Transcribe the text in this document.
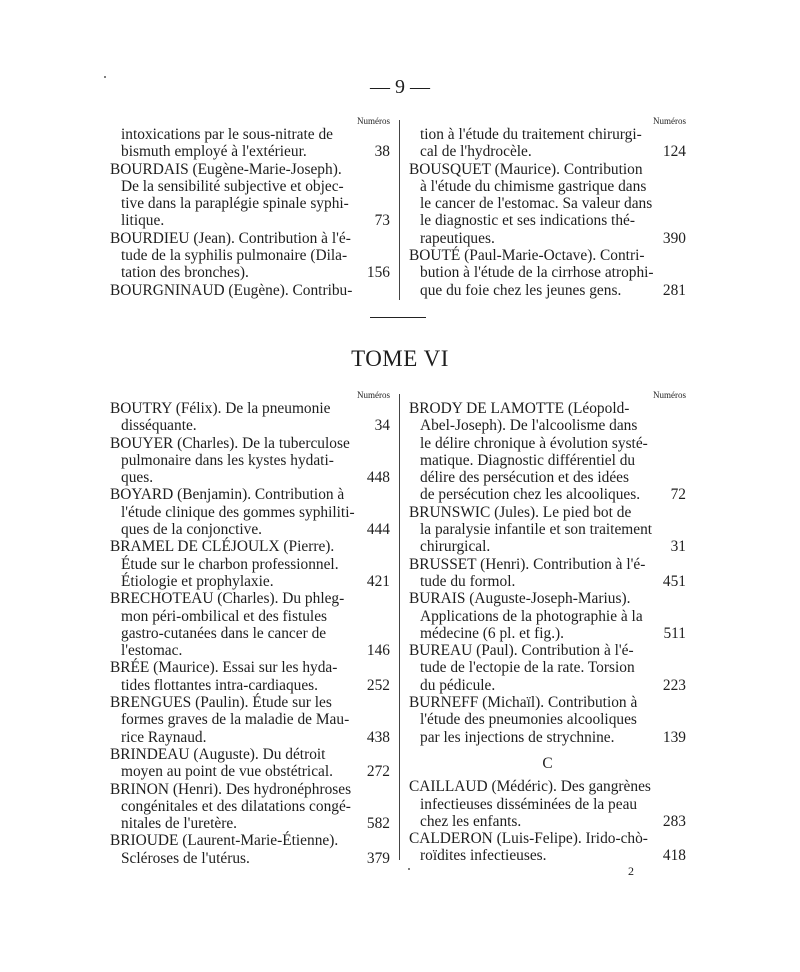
— 9 —
Numéros
intoxications par le sous-nitrate de
bismuth employé à l'extérieur.	38
BOURDAIS (Eugène-Marie-Joseph).
De la sensibilité subjective et objec-
tive dans la paraplégie spinale syphi-
litique.	73
BOURDIEU (Jean). Contribution à l'é-
tude de la syphilis pulmonaire (Dila-
tation des bronches).	156
BOURGNINAUD (Eugène). Contribu-
Numéros
tion à l'étude du traitement chirurgi-
cal de l'hydrocèle.	124
BOUSQUET (Maurice). Contribution
à l'étude du chimisme gastrique dans
le cancer de l'estomac. Sa valeur dans
le diagnostic et ses indications thé-
rapeutiques.	390
BOUTÉ (Paul-Marie-Octave). Contri-
bution à l'étude de la cirrhose atrophi-
que du foie chez les jeunes gens.	281
TOME VI
Numéros
BOUTRY (Félix). De la pneumonie
disséquante.	34
BOUYER (Charles). De la tuberculose
pulmonaire dans les kystes hydati-
ques.	448
BOYARD (Benjamin). Contribution à
l'étude clinique des gommes syphiliti-
ques de la conjonctive.	444
BRAMEL DE CLÉJOULX (Pierre).
Étude sur le charbon professionnel.
Étiologie et prophylaxie.	421
BRECHOTEAU (Charles). Du phleg-
mon péri-ombilical et des fistules
gastro-cutanées dans le cancer de
l'estomac.	146
BRÉE (Maurice). Essai sur les hyda-
tides flottantes intra-cardiaques.	252
BRENGUES (Paulin). Étude sur les
formes graves de la maladie de Mau-
rice Raynaud.	438
BRINDEAU (Auguste). Du détroit
moyen au point de vue obstétrical.	272
BRINON (Henri). Des hydronéphroses
congénitales et des dilatations congé-
nitales de l'uretère.	582
BRIOUDE (Laurent-Marie-Étienne).
Scléroses de l'utérus.	379
Numéros
BRODY DE LAMOTTE (Léopold-
Abel-Joseph). De l'alcoolisme dans
le délire chronique à évolution systé-
matique. Diagnostic différentiel du
délire des persécution et des idées
de persécution chez les alcooliques.	72
BRUNSWIC (Jules). Le pied bot de
la paralysie infantile et son traitement
chirurgical.	31
BRUSSET (Henri). Contribution à l'é-
tude du formol.	451
BURAIS (Auguste-Joseph-Marius).
Applications de la photographie à la
médecine (6 pl. et fig.).	511
BUREAU (Paul). Contribution à l'é-
tude de l'ectopie de la rate. Torsion
du pédicule.	223
BURNEFF (Michaïl). Contribution à
l'étude des pneumonies alcooliques
par les injections de strychnine.	139
C
CAILLAUD (Médéric). Des gangrènes
infectieuses disséminées de la peau
chez les enfants.	283
CALDERON (Luis-Felipe). Irido-chò-
roïdites infectieuses.	418
2
